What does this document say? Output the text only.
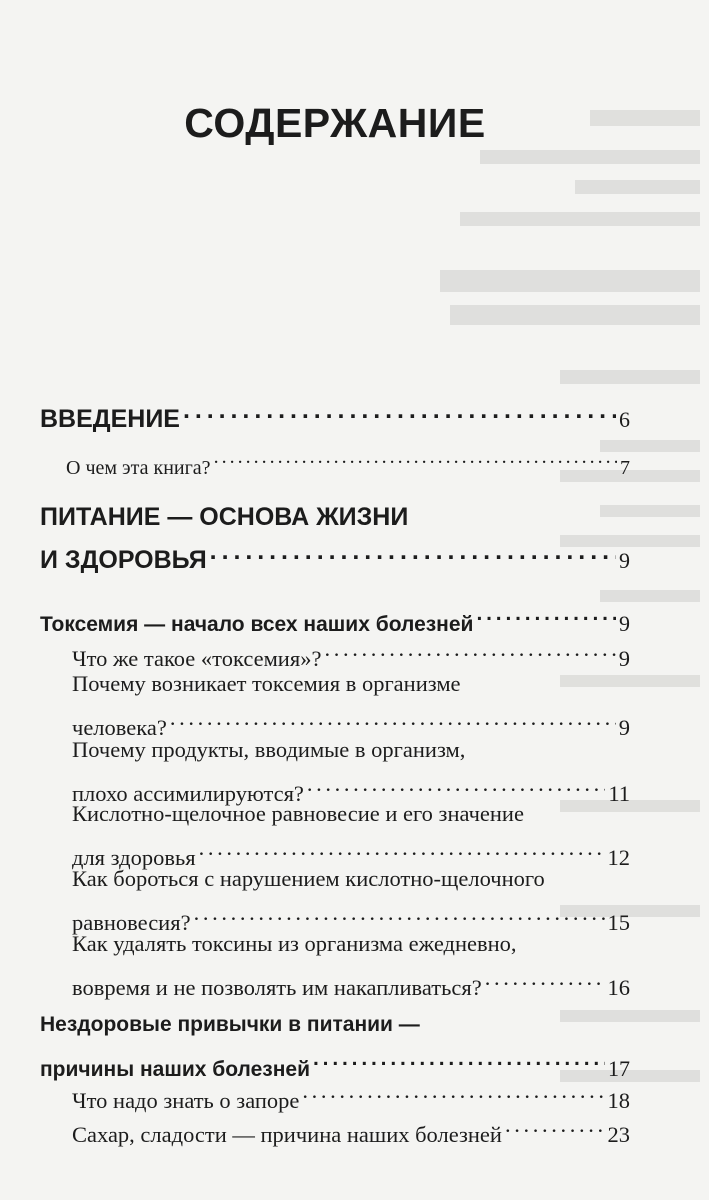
СОДЕРЖАНИЕ
ВВЕДЕНИЕ . . .	6
О чем эта книга? . . .	7
ПИТАНИЕ — ОСНОВА ЖИЗНИ
И ЗДОРОВЬЯ . . .	9
Токсемия — начало всех наших болезней . . .	9
Что же такое «токсемия»? . . .	9
Почему возникает токсемия в организме
человека? . . .	9
Почему продукты, вводимые в организм,
плохо ассимилируются? . . .	11
Кислотно-щелочное равновесие и его значение
для здоровья . . .	12
Как бороться с нарушением кислотно-щелочного
равновесия? . . .	15
Как удалять токсины из организма ежедневно,
вовремя и не позволять им накапливаться? . . .	16
Нездоровые привычки в питании —
причины наших болезней . . .	17
Что надо знать о запоре . . .	18
Сахар, сладости — причина наших болезней . . .	23
